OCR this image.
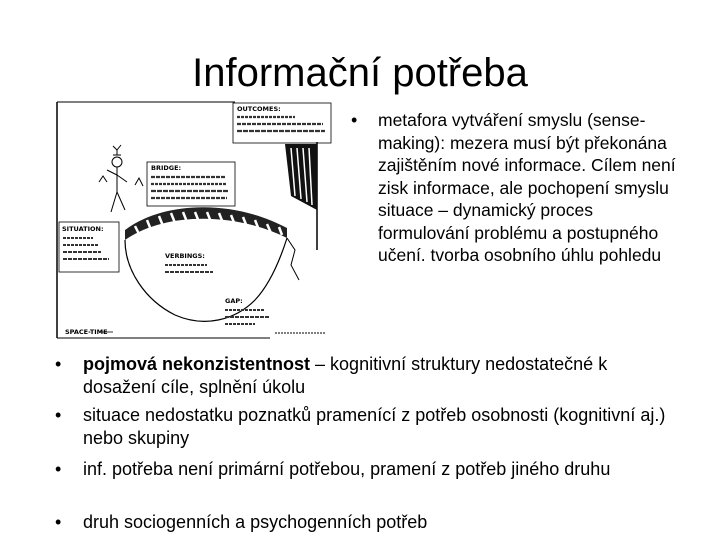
Informační potřeba
OUTCOMES:
BRIDGE:
SITUATION:
VERBINGS:
GAP:
SPACE-TIME
• metafora vytváření smyslu (sense-making): mezera musí být překonána zajištěním nové informace. Cílem není zisk informace, ale pochopení smyslu situace – dynamický proces formulování problému a postupného učení. tvorba osobního úhlu pohledu
• pojmová nekonzistentnost – kognitivní struktury nedostatečné k dosažení cíle, splnění úkolu
• situace nedostatku poznatků pramenící z potřeb osobnosti (kognitivní aj.) nebo skupiny
• inf. potřeba není primární potřebou, pramení z potřeb jiného druhu
• druh sociogenních a psychogenních potřeb
